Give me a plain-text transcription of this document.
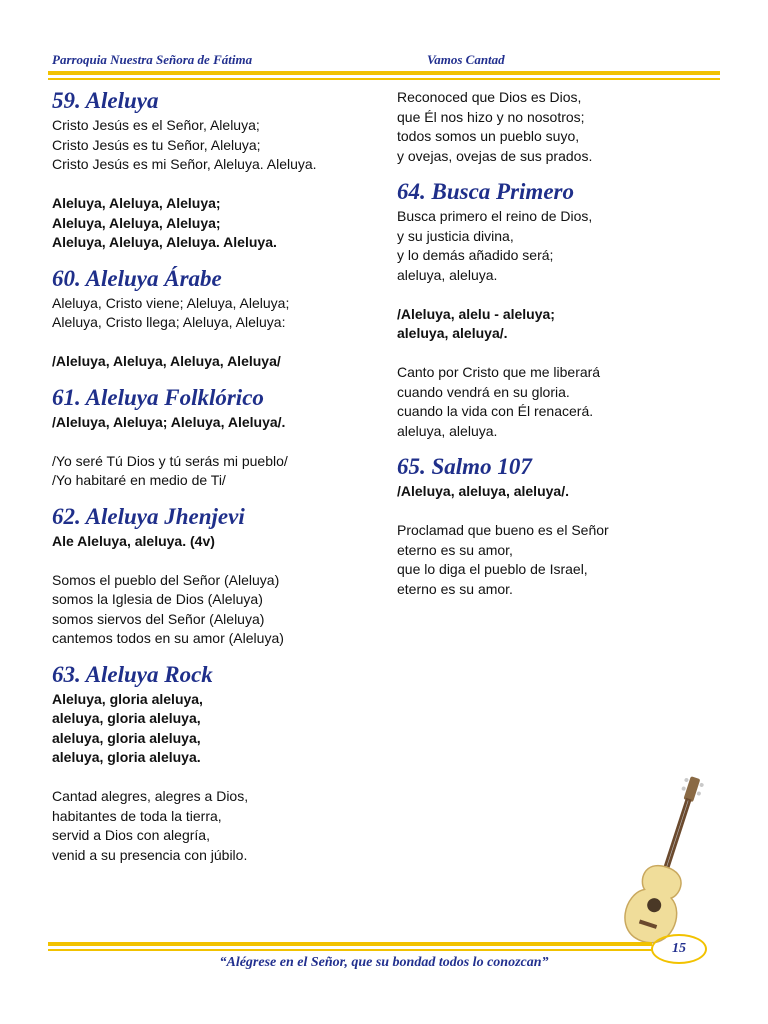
Parroquia Nuestra Señora de Fátima	Vamos Cantad
59. Aleluya
Cristo Jesús es el Señor, Aleluya;
Cristo Jesús es tu Señor, Aleluya;
Cristo Jesús es mi Señor, Aleluya. Aleluya.
Aleluya, Aleluya, Aleluya;
Aleluya, Aleluya, Aleluya;
Aleluya, Aleluya, Aleluya. Aleluya.
60. Aleluya Árabe
Aleluya, Cristo viene; Aleluya, Aleluya;
Aleluya, Cristo llega; Aleluya, Aleluya:
/Aleluya, Aleluya, Aleluya, Aleluya/
61. Aleluya Folklórico
/Aleluya, Aleluya; Aleluya, Aleluya/.
/Yo seré Tú Dios y tú serás mi pueblo/
/Yo habitaré en medio de Ti/
62. Aleluya Jhenjevi
Ale Aleluya, aleluya. (4v)
Somos el pueblo del Señor (Aleluya)
somos la Iglesia de Dios (Aleluya)
somos siervos del Señor (Aleluya)
cantemos todos en su amor (Aleluya)
63. Aleluya Rock
Aleluya, gloria aleluya,
aleluya, gloria aleluya,
aleluya, gloria aleluya,
aleluya, gloria aleluya.
Cantad alegres, alegres a Dios,
habitantes de toda la tierra,
servid a Dios con alegría,
venid a su presencia con júbilo.
Reconoced que Dios es Dios,
que Él nos hizo y no nosotros;
todos somos un pueblo suyo,
y ovejas, ovejas de sus prados.
64. Busca Primero
Busca primero el reino de Dios,
y su justicia divina,
y lo demás añadido será;
aleluya, aleluya.
/Aleluya, alelu - aleluya;
aleluya, aleluya/.
Canto por Cristo que me liberará
cuando vendrá en su gloria.
cuando la vida con Él renacerá.
aleluya, aleluya.
65. Salmo 107
/Aleluya, aleluya, aleluya/.
Proclamad que bueno es el Señor
eterno es su amor,
que lo diga el pueblo de Israel,
eterno es su amor.
15
“Alégrese en el Señor, que su bondad todos lo conozcan”
